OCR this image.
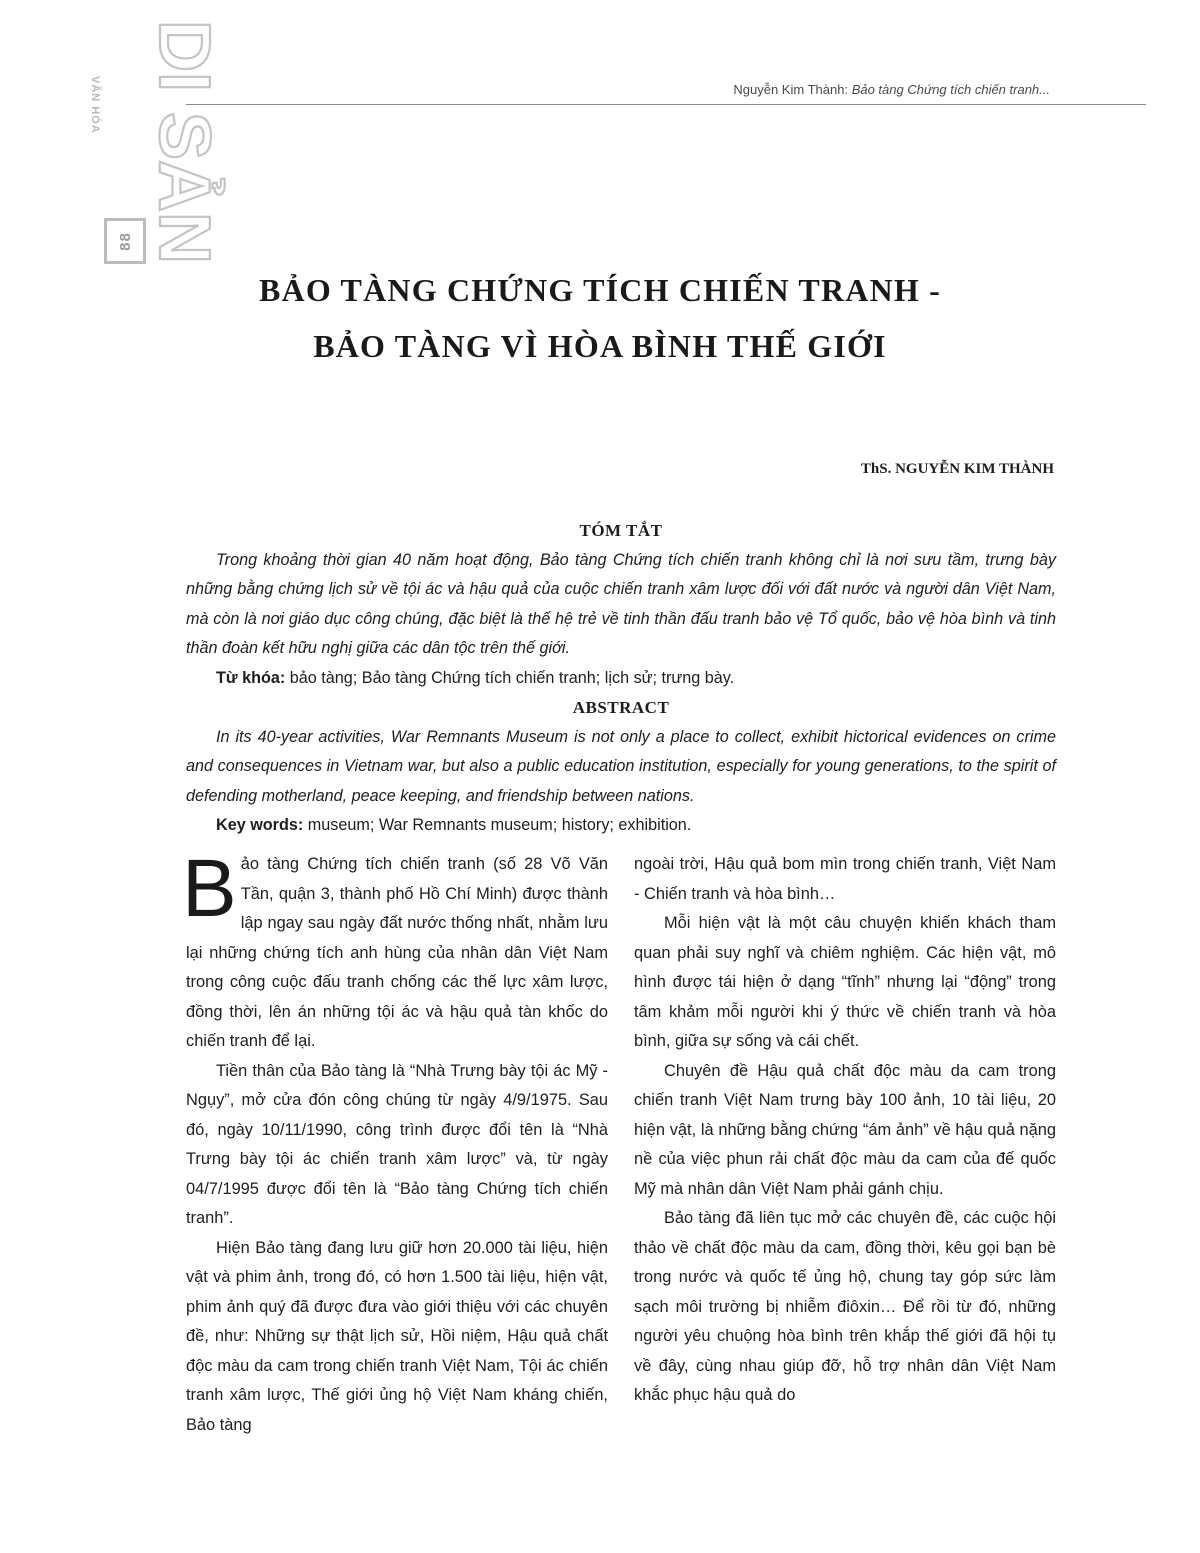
DI SẢN
VĂN HÓA
88
Nguyễn Kim Thành: Bảo tàng Chứng tích chiến tranh...
BẢO TÀNG CHỨNG TÍCH CHIẾN TRANH -
BẢO TÀNG VÌ HÒA BÌNH THẾ GIỚI
ThS. NGUYỄN KIM THÀNH
TÓM TẮT

Trong khoảng thời gian 40 năm hoạt động, Bảo tàng Chứng tích chiến tranh không chỉ là nơi sưu tầm, trưng bày những bằng chứng lịch sử về tội ác và hậu quả của cuộc chiến tranh xâm lược đối với đất nước và người dân Việt Nam, mà còn là nơi giáo dục công chúng, đặc biệt là thế hệ trẻ về tinh thần đấu tranh bảo vệ Tổ quốc, bảo vệ hòa bình và tinh thần đoàn kết hữu nghị giữa các dân tộc trên thế giới.

Từ khóa: bảo tàng; Bảo tàng Chứng tích chiến tranh; lịch sử; trưng bày.

ABSTRACT

In its 40-year activities, War Remnants Museum is not only a place to collect, exhibit hictorical evidences on crime and consequences in Vietnam war, but also a public education institution, especially for young generations, to the spirit of defending motherland, peace keeping, and friendship between nations.

Key words: museum; War Remnants museum; history; exhibition.

Bảo tàng Chứng tích chiến tranh (số 28 Võ Văn Tần, quận 3, thành phố Hồ Chí Minh) được thành lập ngay sau ngày đất nước thống nhất, nhằm lưu lại những chứng tích anh hùng của nhân dân Việt Nam trong công cuộc đấu tranh chống các thế lực xâm lược, đồng thời, lên án những tội ác và hậu quả tàn khốc do chiến tranh để lại.

Tiền thân của Bảo tàng là “Nhà Trưng bày tội ác Mỹ - Ngụy”, mở cửa đón công chúng từ ngày 4/9/1975. Sau đó, ngày 10/11/1990, công trình được đổi tên là “Nhà Trưng bày tội ác chiến tranh xâm lược” và, từ ngày 04/7/1995 được đổi tên là “Bảo tàng Chứng tích chiến tranh”.

Hiện Bảo tàng đang lưu giữ hơn 20.000 tài liệu, hiện vật và phim ảnh, trong đó, có hơn 1.500 tài liệu, hiện vật, phim ảnh quý đã được đưa vào giới thiệu với các chuyên đề, như: Những sự thật lịch sử, Hồi niệm, Hậu quả chất độc màu da cam trong chiến tranh Việt Nam, Tội ác chiến tranh xâm lược, Thế giới ủng hộ Việt Nam kháng chiến, Bảo tàng

ngoài trời, Hậu quả bom mìn trong chiến tranh, Việt Nam - Chiến tranh và hòa bình…

Mỗi hiện vật là một câu chuyện khiến khách tham quan phải suy nghĩ và chiêm nghiệm. Các hiện vật, mô hình được tái hiện ở dạng “tĩnh” nhưng lại “động” trong tâm khảm mỗi người khi ý thức về chiến tranh và hòa bình, giữa sự sống và cái chết.

Chuyên đề Hậu quả chất độc màu da cam trong chiến tranh Việt Nam trưng bày 100 ảnh, 10 tài liệu, 20 hiện vật, là những bằng chứng “ám ảnh” về hậu quả nặng nề của việc phun rải chất độc màu da cam của đế quốc Mỹ mà nhân dân Việt Nam phải gánh chịu.

Bảo tàng đã liên tục mở các chuyên đề, các cuộc hội thảo về chất độc màu da cam, đồng thời, kêu gọi bạn bè trong nước và quốc tế ủng hộ, chung tay góp sức làm sạch môi trường bị nhiễm điôxin… Để rồi từ đó, những người yêu chuộng hòa bình trên khắp thế giới đã hội tụ về đây, cùng nhau giúp đỡ, hỗ trợ nhân dân Việt Nam khắc phục hậu quả do
